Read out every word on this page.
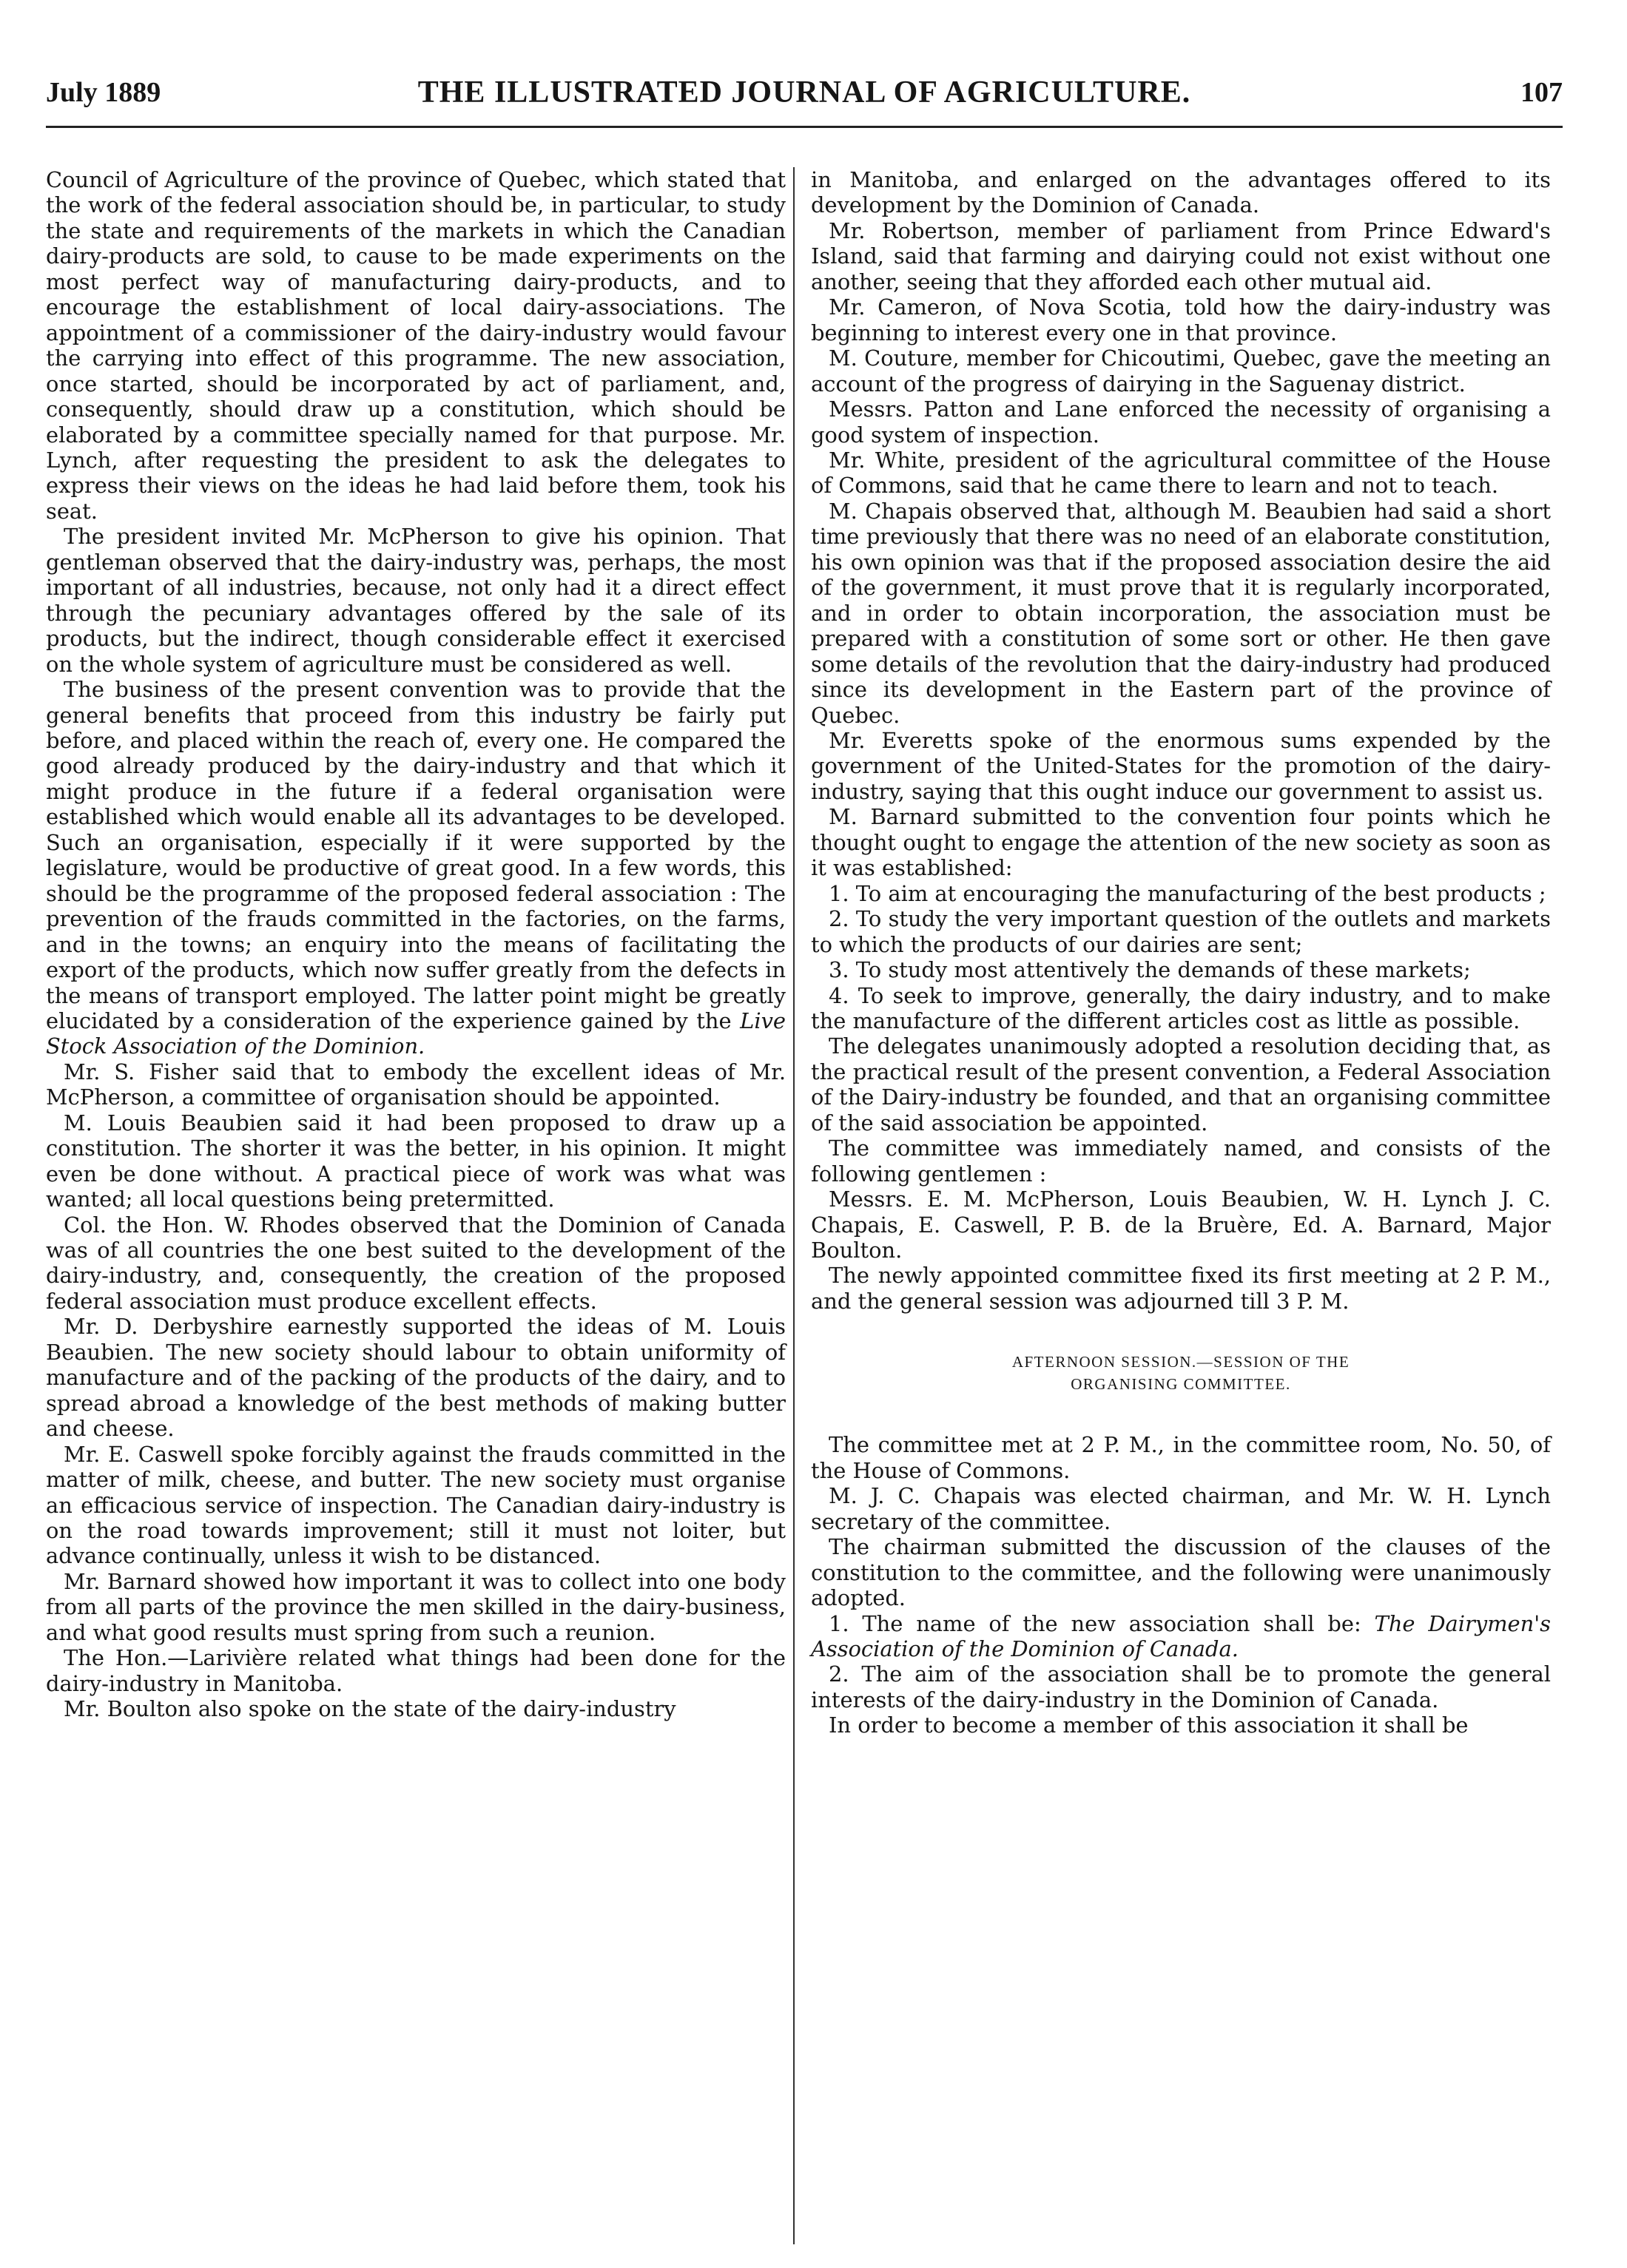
July 1889	THE ILLUSTRATED JOURNAL OF AGRICULTURE.	107

Council of Agriculture of the province of Quebec, which stated that the work of the federal association should be, in particular, to study the state and requirements of the markets in which the Canadian dairy-products are sold, to cause to be made experiments on the most perfect way of manufacturing dairy-products, and to encourage the establishment of local dairy-associations. The appointment of a commissioner of the dairy-industry would favour the carrying into effect of this programme. The new association, once started, should be incorporated by act of parliament, and, consequently, should draw up a constitution, which should be elaborated by a committee specially named for that purpose. Mr. Lynch, after requesting the president to ask the delegates to express their views on the ideas he had laid before them, took his seat.

The president invited Mr. McPherson to give his opinion. That gentleman observed that the dairy-industry was, perhaps, the most important of all industries, because, not only had it a direct effect through the pecuniary advantages offered by the sale of its products, but the indirect, though considerable effect it exercised on the whole system of agriculture must be considered as well.

The business of the present convention was to provide that the general benefits that proceed from this industry be fairly put before, and placed within the reach of, every one. He compared the good already produced by the dairy-industry and that which it might produce in the future if a federal organisation were established which would enable all its advantages to be developed. Such an organisation, especially if it were supported by the legislature, would be productive of great good. In a few words, this should be the programme of the proposed federal association : The prevention of the frauds committed in the factories, on the farms, and in the towns; an enquiry into the means of facilitating the export of the products, which now suffer greatly from the defects in the means of transport employed. The latter point might be greatly elucidated by a consideration of the experience gained by the Live Stock Association of the Dominion.

Mr. S. Fisher said that to embody the excellent ideas of Mr. McPherson, a committee of organisation should be appointed.

M. Louis Beaubien said it had been proposed to draw up a constitution. The shorter it was the better, in his opinion. It might even be done without. A practical piece of work was what was wanted; all local questions being pretermitted.

Col. the Hon. W. Rhodes observed that the Dominion of Canada was of all countries the one best suited to the development of the dairy-industry, and, consequently, the creation of the proposed federal association must produce excellent effects.

Mr. D. Derbyshire earnestly supported the ideas of M. Louis Beaubien. The new society should labour to obtain uniformity of manufacture and of the packing of the products of the dairy, and to spread abroad a knowledge of the best methods of making butter and cheese.

Mr. E. Caswell spoke forcibly against the frauds committed in the matter of milk, cheese, and butter. The new society must organise an efficacious service of inspection. The Canadian dairy-industry is on the road towards improvement; still it must not loiter, but advance continually, unless it wish to be distanced.

Mr. Barnard showed how important it was to collect into one body from all parts of the province the men skilled in the dairy-business, and what good results must spring from such a reunion.

The Hon.—Larivière related what things had been done for the dairy-industry in Manitoba.

Mr. Boulton also spoke on the state of the dairy-industry

in Manitoba, and enlarged on the advantages offered to its development by the Dominion of Canada.

Mr. Robertson, member of parliament from Prince Edward's Island, said that farming and dairying could not exist without one another, seeing that they afforded each other mutual aid.

Mr. Cameron, of Nova Scotia, told how the dairy-industry was beginning to interest every one in that province.

M. Couture, member for Chicoutimi, Quebec, gave the meeting an account of the progress of dairying in the Saguenay district.

Messrs. Patton and Lane enforced the necessity of organising a good system of inspection.

Mr. White, president of the agricultural committee of the House of Commons, said that he came there to learn and not to teach.

M. Chapais observed that, although M. Beaubien had said a short time previously that there was no need of an elaborate constitution, his own opinion was that if the proposed association desire the aid of the government, it must prove that it is regularly incorporated, and in order to obtain incorporation, the association must be prepared with a constitution of some sort or other. He then gave some details of the revolution that the dairy-industry had produced since its development in the Eastern part of the province of Quebec.

Mr. Everetts spoke of the enormous sums expended by the government of the United-States for the promotion of the dairy-industry, saying that this ought induce our government to assist us.

M. Barnard submitted to the convention four points which he thought ought to engage the attention of the new society as soon as it was established:

1. To aim at encouraging the manufacturing of the best products ;

2. To study the very important question of the outlets and markets to which the products of our dairies are sent;

3. To study most attentively the demands of these markets;

4. To seek to improve, generally, the dairy industry, and to make the manufacture of the different articles cost as little as possible.

The delegates unanimously adopted a resolution deciding that, as the practical result of the present convention, a Federal Association of the Dairy-industry be founded, and that an organising committee of the said association be appointed.

The committee was immediately named, and consists of the following gentlemen :

Messrs. E. M. McPherson, Louis Beaubien, W. H. Lynch J. C. Chapais, E. Caswell, P. B. de la Bruère, Ed. A. Barnard, Major Boulton.

The newly appointed committee fixed its first meeting at 2 P. M., and the general session was adjourned till 3 P. M.

AFTERNOON SESSION.—SESSION OF THE
ORGANISING COMMITTEE.

The committee met at 2 P. M., in the committee room, No. 50, of the House of Commons.

M. J. C. Chapais was elected chairman, and Mr. W. H. Lynch secretary of the committee.

The chairman submitted the discussion of the clauses of the constitution to the committee, and the following were unanimously adopted.

1. The name of the new association shall be: The Dairymen's Association of the Dominion of Canada.

2. The aim of the association shall be to promote the general interests of the dairy-industry in the Dominion of Canada.

In order to become a member of this association it shall be
